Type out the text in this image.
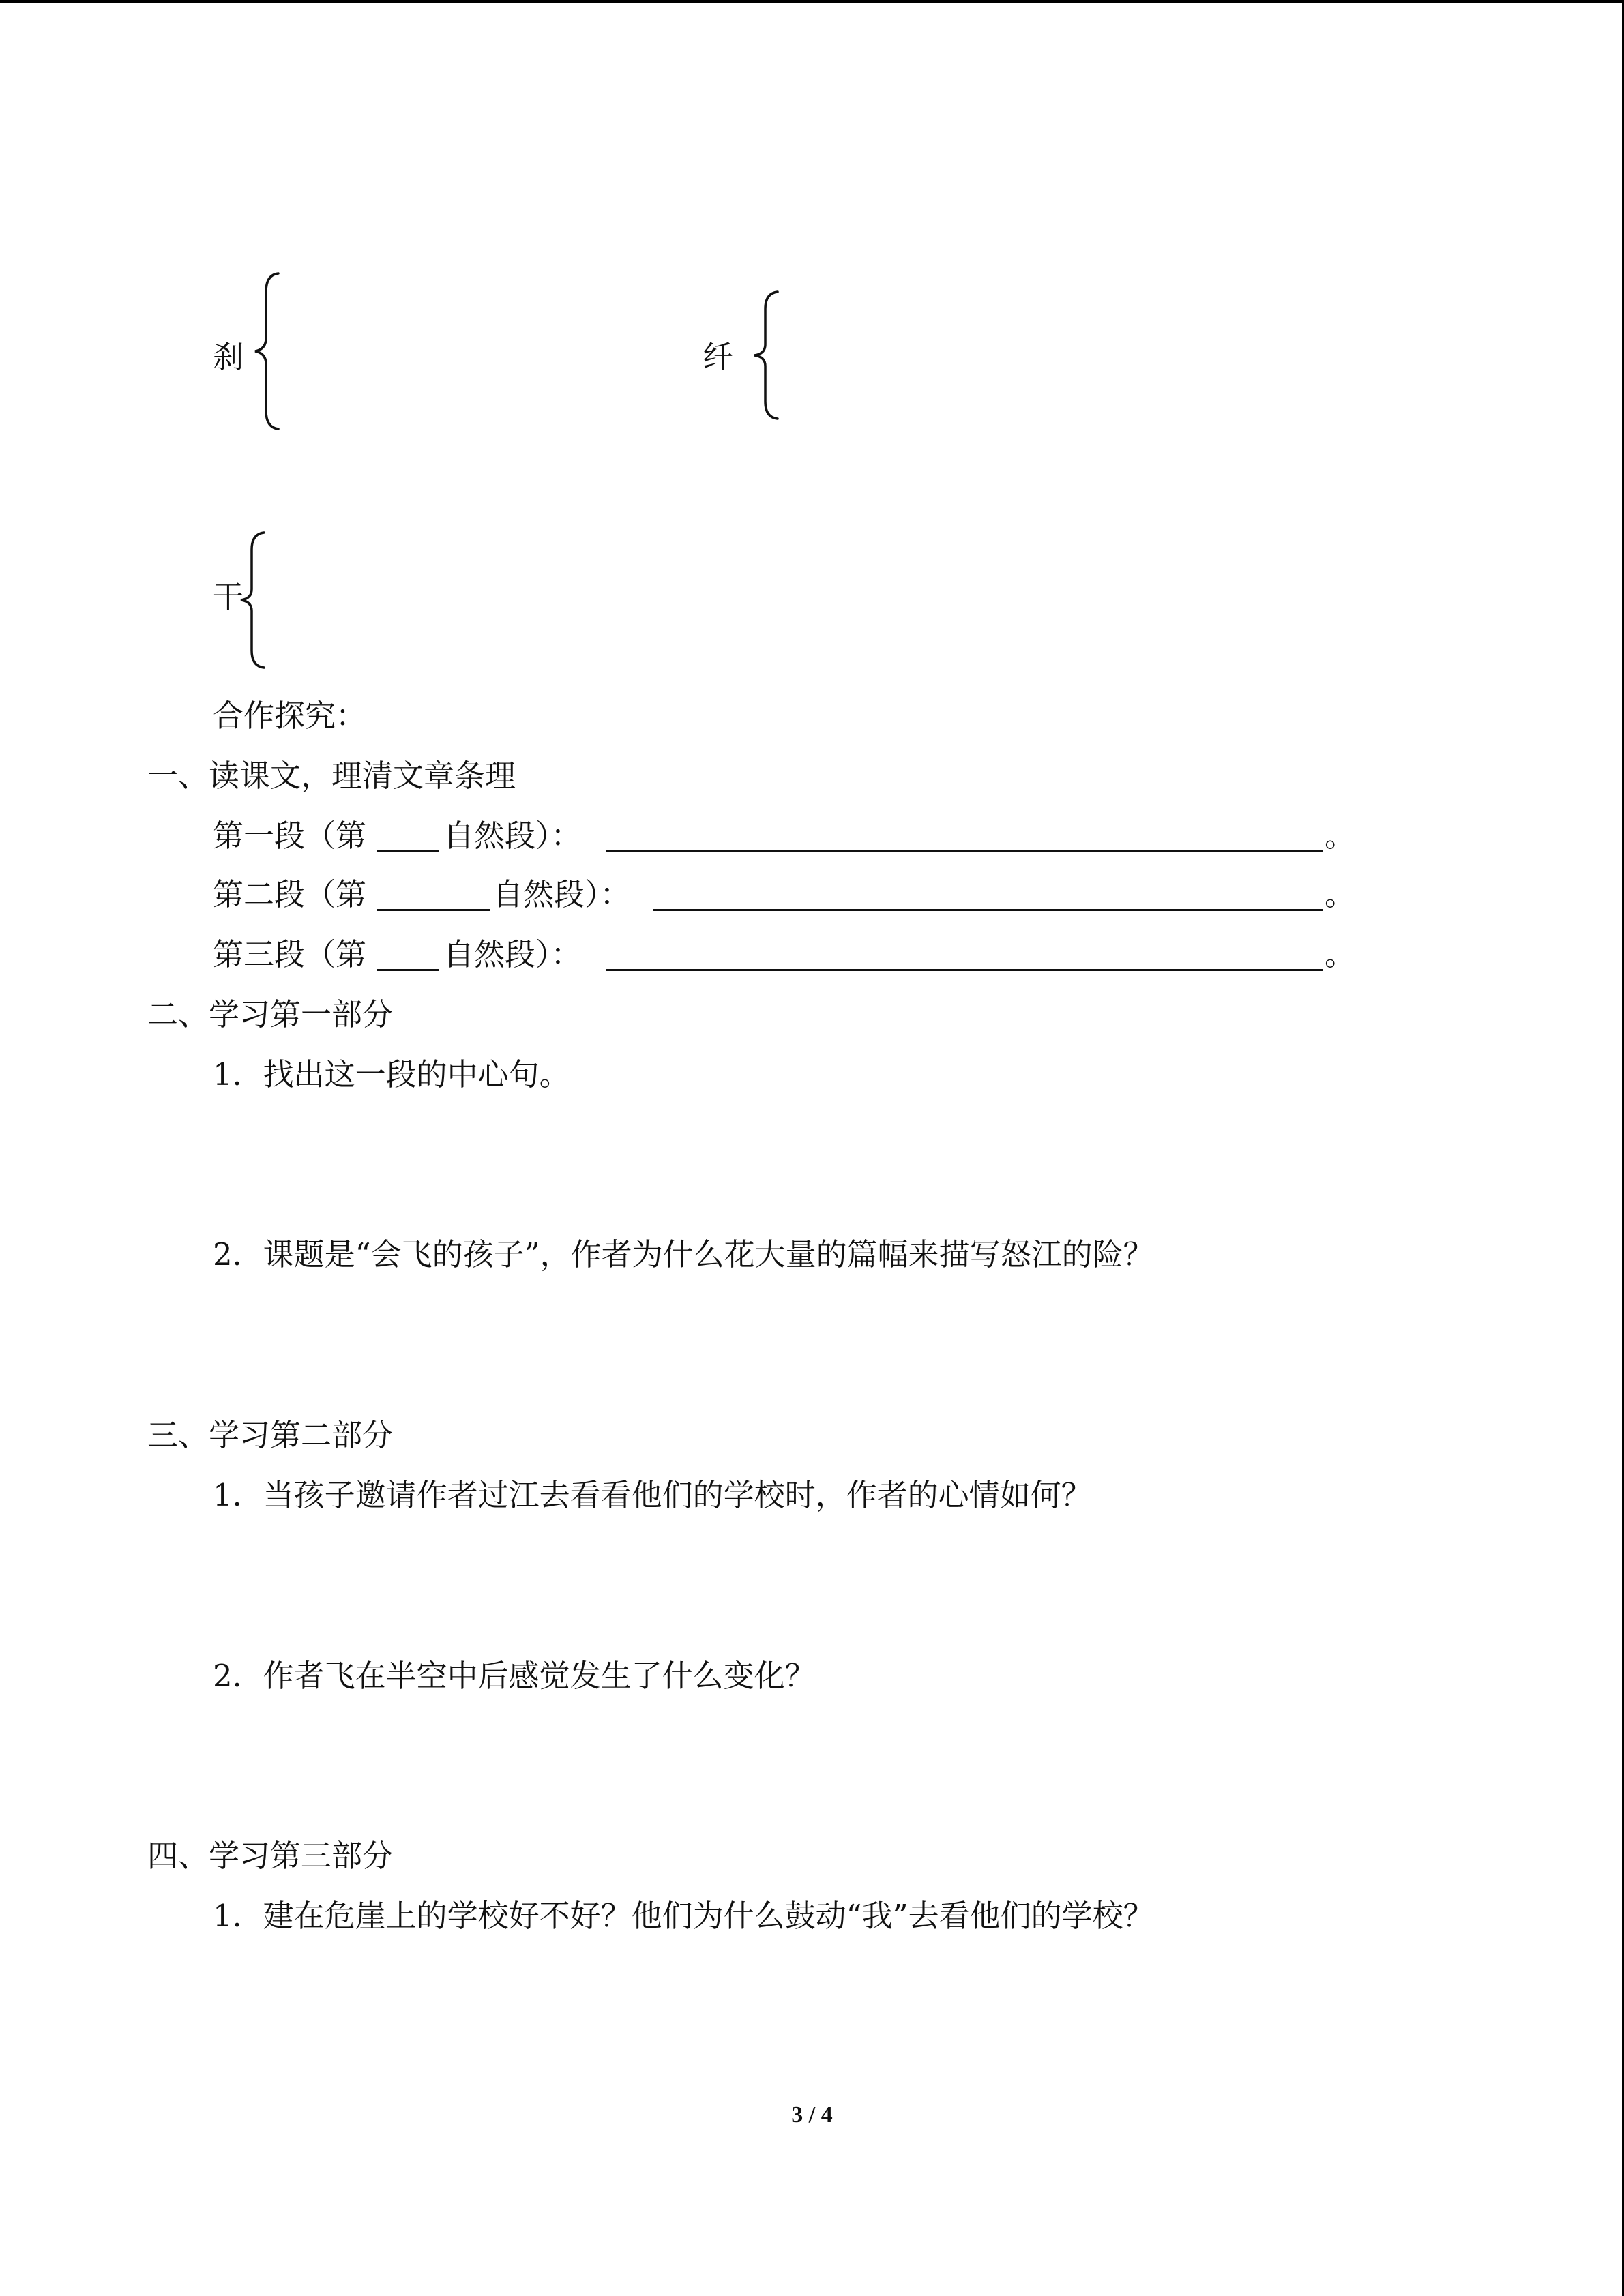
刹	纤
干
合作探究：
一、读课文，理清文章条理
第一段（第	自然段）：	。
第二段（第	自然段）：	。
第三段（第	自然段）：	。
二、学习第一部分
1．找出这一段的中心句。
2．课题是“会飞的孩子”，作者为什么花大量的篇幅来描写怒江的险？
三、学习第二部分
1．当孩子邀请作者过江去看看他们的学校时，作者的心情如何？
2．作者飞在半空中后感觉发生了什么变化？
四、学习第三部分
1．建在危崖上的学校好不好？他们为什么鼓动“我”去看他们的学校？
3 / 4
